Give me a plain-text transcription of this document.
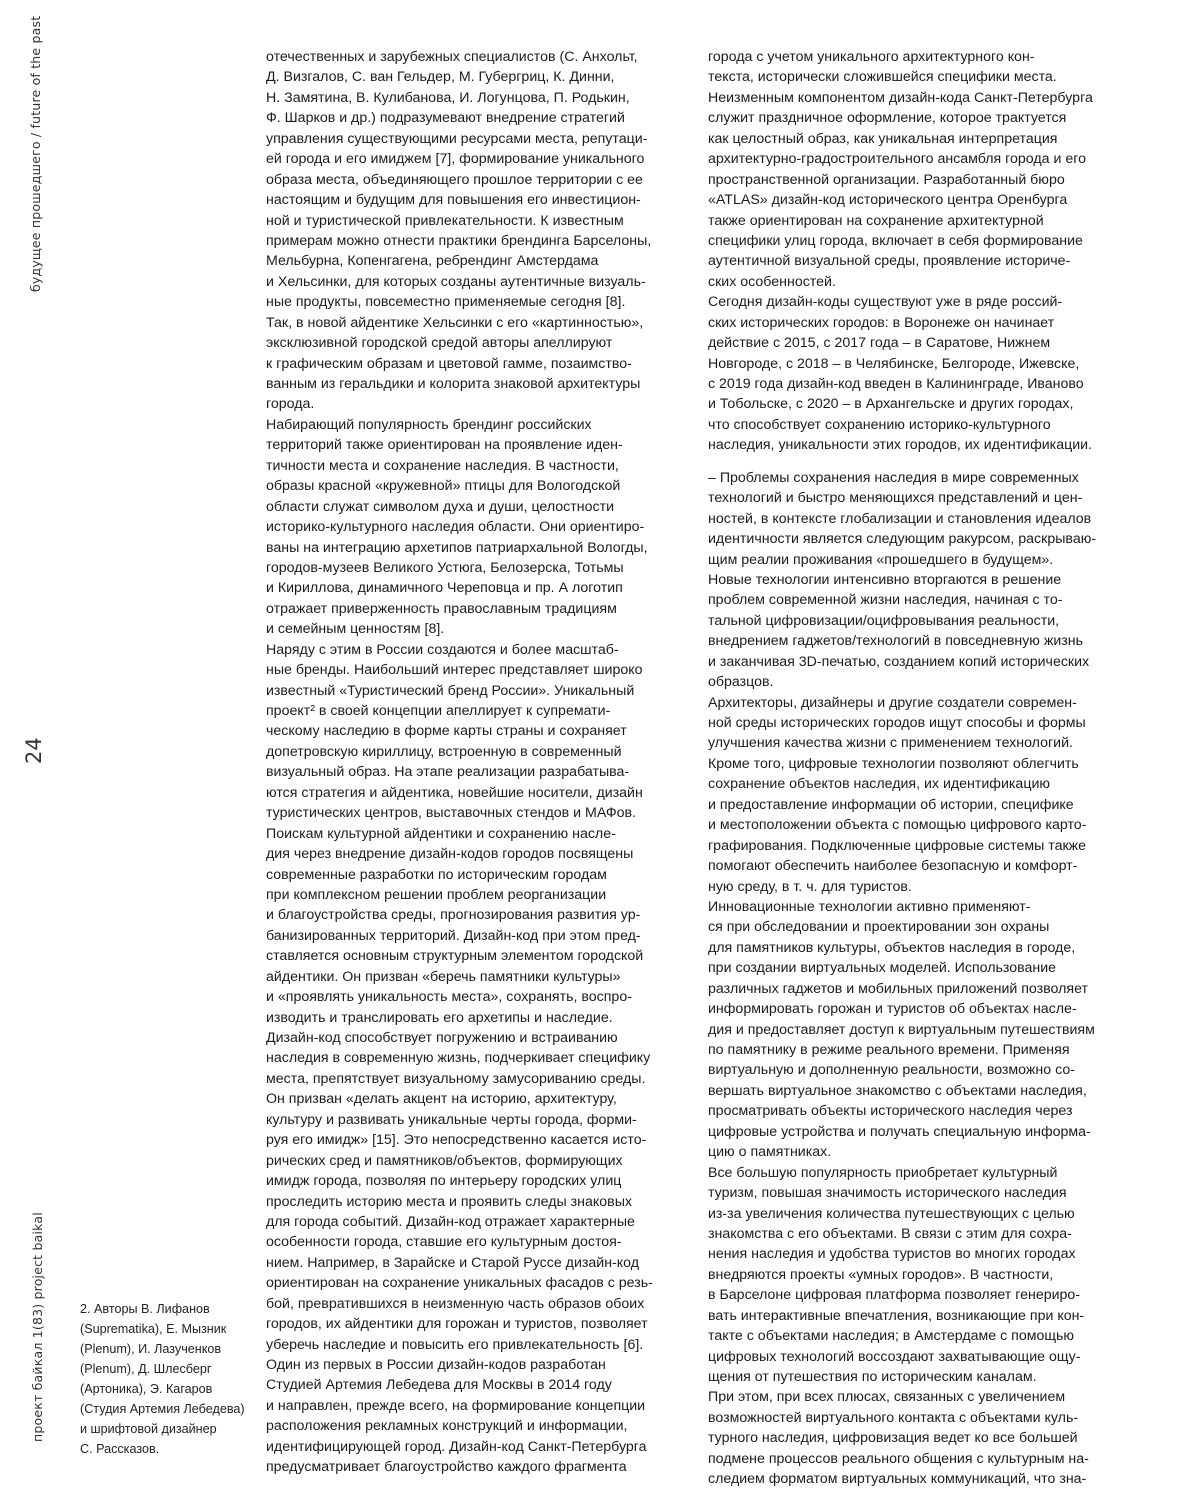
будущее прошедшего / future of the past
24
проект байкал 1(83) project baikal	2. Авторы В. Лифанов
(Suprematika), Е. Мызник
(Plenum), И. Лазученков
(Plenum), Д. Шлесберг
(Артоника), Э. Кагаров
(Студия Артемия Лебедева)
и шрифтовой дизайнер
С. Рассказов.
отечественных и зарубежных специалистов (С. Анхольт,
Д. Визгалов, С. ван Гельдер, М. Губергриц, К. Динни,
Н. Замятина, В. Кулибанова, И. Логунцова, П. Родькин,
Ф. Шарков и др.) подразумевают внедрение стратегий
управления существующими ресурсами места, репутаци-
ей города и его имиджем [7], формирование уникального
образа места, объединяющего прошлое территории с ее
настоящим и будущим для повышения его инвестицион-
ной и туристической привлекательности. К известным
примерам можно отнести практики брендинга Барселоны,
Мельбурна, Копенгагена, ребрендинг Амстердама
и Хельсинки, для которых созданы аутентичные визуаль-
ные продукты, повсеместно применяемые сегодня [8].
Так, в новой айдентике Хельсинки с его «картинностью»,
эксклюзивной городской средой авторы апеллируют
к графическим образам и цветовой гамме, позаимство-
ванным из геральдики и колорита знаковой архитектуры
города.
Набирающий популярность брендинг российских
территорий также ориентирован на проявление иден-
тичности места и сохранение наследия. В частности,
образы красной «кружевной» птицы для Вологодской
области служат символом духа и души, целостности
историко-культурного наследия области. Они ориентиро-
ваны на интеграцию архетипов патриархальной Вологды,
городов-музеев Великого Устюга, Белозерска, Тотьмы
и Кириллова, динамичного Череповца и пр. А логотип
отражает приверженность православным традициям
и семейным ценностям [8].
Наряду с этим в России создаются и более масштаб-
ные бренды. Наибольший интерес представляет широко
известный «Туристический бренд России». Уникальный
проект² в своей концепции апеллирует к супремати-
ческому наследию в форме карты страны и сохраняет
допетровскую кириллицу, встроенную в современный
визуальный образ. На этапе реализации разрабатыва-
ются стратегия и айдентика, новейшие носители, дизайн
туристических центров, выставочных стендов и МАФов.
Поискам культурной айдентики и сохранению насле-
дия через внедрение дизайн-кодов городов посвящены
современные разработки по историческим городам
при комплексном решении проблем реорганизации
и благоустройства среды, прогнозирования развития ур-
банизированных территорий. Дизайн-код при этом пред-
ставляется основным структурным элементом городской
айдентики. Он призван «беречь памятники культуры»
и «проявлять уникальность места», сохранять, воспро-
изводить и транслировать его архетипы и наследие.
Дизайн-код способствует погружению и встраиванию
наследия в современную жизнь, подчеркивает специфику
места, препятствует визуальному замусориванию среды.
Он призван «делать акцент на историю, архитектуру,
культуру и развивать уникальные черты города, форми-
руя его имидж» [15]. Это непосредственно касается исто-
рических сред и памятников/объектов, формирующих
имидж города, позволяя по интерьеру городских улиц
проследить историю места и проявить следы знаковых
для города событий. Дизайн-код отражает характерные
особенности города, ставшие его культурным достоя-
нием. Например, в Зарайске и Старой Руссе дизайн-код
ориентирован на сохранение уникальных фасадов с резь-
бой, превратившихся в неизменную часть образов обоих
городов, их айдентики для горожан и туристов, позволяет
уберечь наследие и повысить его привлекательность [6].
Один из первых в России дизайн-кодов разработан
Студией Артемия Лебедева для Москвы в 2014 году
и направлен, прежде всего, на формирование концепции
расположения рекламных конструкций и информации,
идентифицирующей город. Дизайн-код Санкт-Петербурга
предусматривает благоустройство каждого фрагмента
города с учетом уникального архитектурного кон-
текста, исторически сложившейся специфики места.
Неизменным компонентом дизайн-кода Санкт-Петербурга
служит праздничное оформление, которое трактуется
как целостный образ, как уникальная интерпретация
архитектурно-градостроительного ансамбля города и его
пространственной организации. Разработанный бюро
«ATLAS» дизайн-код исторического центра Оренбурга
также ориентирован на сохранение архитектурной
специфики улиц города, включает в себя формирование
аутентичной визуальной среды, проявление историче-
ских особенностей.
Сегодня дизайн-коды существуют уже в ряде россий-
ских исторических городов: в Воронеже он начинает
действие с 2015, с 2017 года – в Саратове, Нижнем
Новгороде, с 2018 – в Челябинске, Белгороде, Ижевске,
с 2019 года дизайн-код введен в Калининграде, Иваново
и Тобольске, с 2020 – в Архангельске и других городах,
что способствует сохранению историко-культурного
наследия, уникальности этих городов, их идентификации.
– Проблемы сохранения наследия в мире современных
технологий и быстро меняющихся представлений и цен-
ностей, в контексте глобализации и становления идеалов
идентичности является следующим ракурсом, раскрываю-
щим реалии проживания «прошедшего в будущем».
Новые технологии интенсивно вторгаются в решение
проблем современной жизни наследия, начиная с то-
тальной цифровизации/оцифровывания реальности,
внедрением гаджетов/технологий в повседневную жизнь
и заканчивая 3D-печатью, созданием копий исторических
образцов.
Архитекторы, дизайнеры и другие создатели современ-
ной среды исторических городов ищут способы и формы
улучшения качества жизни с применением технологий.
Кроме того, цифровые технологии позволяют облегчить
сохранение объектов наследия, их идентификацию
и предоставление информации об истории, специфике
и местоположении объекта с помощью цифрового карто-
графирования. Подключенные цифровые системы также
помогают обеспечить наиболее безопасную и комфорт-
ную среду, в т. ч. для туристов.
Инновационные технологии активно применяют-
ся при обследовании и проектировании зон охраны
для памятников культуры, объектов наследия в городе,
при создании виртуальных моделей. Использование
различных гаджетов и мобильных приложений позволяет
информировать горожан и туристов об объектах насле-
дия и предоставляет доступ к виртуальным путешествиям
по памятнику в режиме реального времени. Применяя
виртуальную и дополненную реальности, возможно со-
вершать виртуальное знакомство с объектами наследия,
просматривать объекты исторического наследия через
цифровые устройства и получать специальную информа-
цию о памятниках.
Все большую популярность приобретает культурный
туризм, повышая значимость исторического наследия
из-за увеличения количества путешествующих с целью
знакомства с его объектами. В связи с этим для сохра-
нения наследия и удобства туристов во многих городах
внедряются проекты «умных городов». В частности,
в Барселоне цифровая платформа позволяет генериро-
вать интерактивные впечатления, возникающие при кон-
такте с объектами наследия; в Амстердаме с помощью
цифровых технологий воссоздают захватывающие ощу-
щения от путешествия по историческим каналам.
При этом, при всех плюсах, связанных с увеличением
возможностей виртуального контакта с объектами куль-
турного наследия, цифровизация ведет ко все большей
подмене процессов реального общения с культурным на-
следием форматом виртуальных коммуникаций, что зна-
